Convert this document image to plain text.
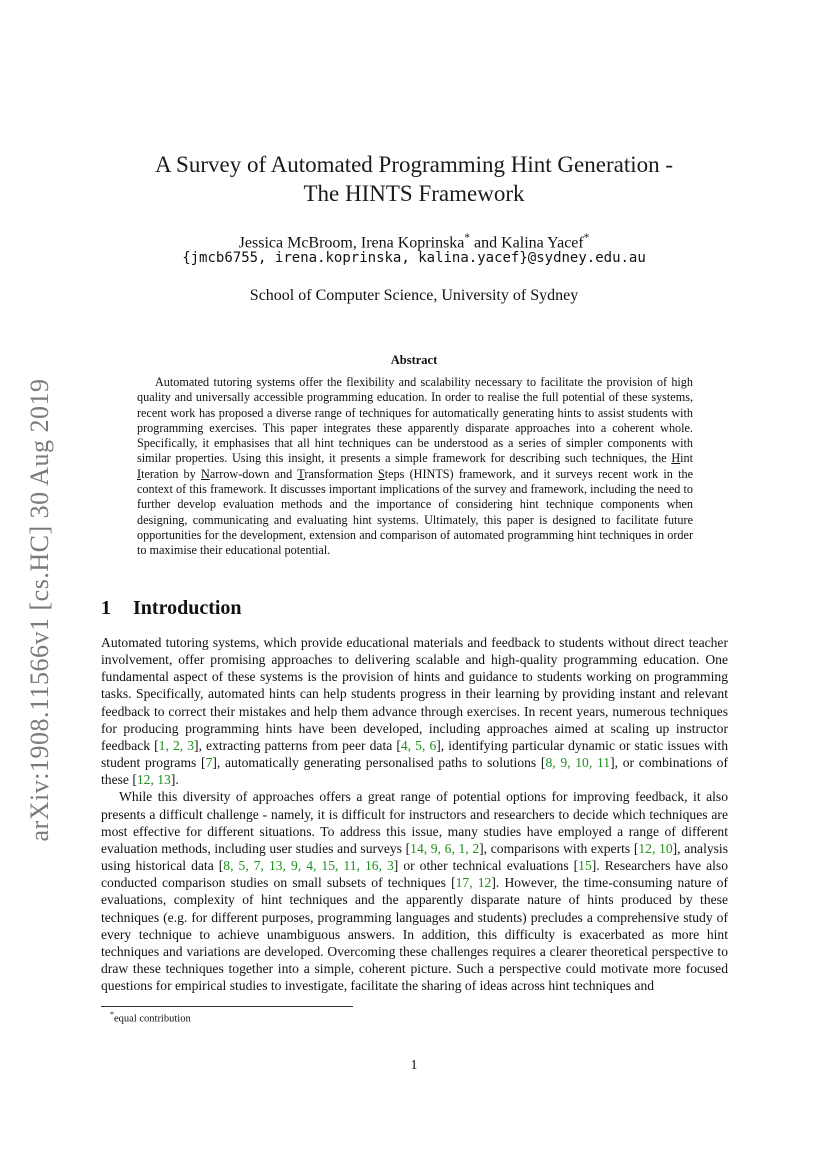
arXiv:1908.11566v1 [cs.HC] 30 Aug 2019
A Survey of Automated Programming Hint Generation -
The HINTS Framework
Jessica McBroom, Irena Koprinska* and Kalina Yacef*
{jmcb6755, irena.koprinska, kalina.yacef}@sydney.edu.au
School of Computer Science, University of Sydney
Abstract
Automated tutoring systems offer the flexibility and scalability necessary to facilitate the provision of high quality and universally accessible programming education. In order to realise the full potential of these systems, recent work has proposed a diverse range of techniques for automatically generating hints to assist students with programming exercises. This paper integrates these apparently disparate approaches into a coherent whole. Specifically, it emphasises that all hint techniques can be understood as a series of simpler components with similar properties. Using this insight, it presents a simple framework for describing such techniques, the Hint Iteration by Narrow-down and Transformation Steps (HINTS) framework, and it surveys recent work in the context of this framework. It discusses important implications of the survey and framework, including the need to further develop evaluation methods and the importance of considering hint technique components when designing, communicating and evaluating hint systems. Ultimately, this paper is designed to facilitate future opportunities for the development, extension and comparison of automated programming hint techniques in order to maximise their educational potential.
1 Introduction

Automated tutoring systems, which provide educational materials and feedback to students without direct teacher involvement, offer promising approaches to delivering scalable and high-quality programming education. One fundamental aspect of these systems is the provision of hints and guidance to students working on programming tasks. Specifically, automated hints can help students progress in their learning by providing instant and relevant feedback to correct their mistakes and help them advance through exercises. In recent years, numerous techniques for producing programming hints have been developed, including approaches aimed at scaling up instructor feedback [1, 2, 3], extracting patterns from peer data [4, 5, 6], identifying particular dynamic or static issues with student programs [7], automatically generating personalised paths to solutions [8, 9, 10, 11], or combinations of these [12, 13].

While this diversity of approaches offers a great range of potential options for improving feedback, it also presents a difficult challenge - namely, it is difficult for instructors and researchers to decide which techniques are most effective for different situations. To address this issue, many studies have employed a range of different evaluation methods, including user studies and surveys [14, 9, 6, 1, 2], comparisons with experts [12, 10], analysis using historical data [8, 5, 7, 13, 9, 4, 15, 11, 16, 3] or other technical evaluations [15]. Researchers have also conducted comparison studies on small subsets of techniques [17, 12]. However, the time-consuming nature of evaluations, complexity of hint techniques and the apparently disparate nature of hints produced by these techniques (e.g. for different purposes, programming languages and students) precludes a comprehensive study of every technique to achieve unambiguous answers. In addition, this difficulty is exacerbated as more hint techniques and variations are developed. Overcoming these challenges requires a clearer theoretical perspective to draw these techniques together into a simple, coherent picture. Such a perspective could motivate more focused questions for empirical studies to investigate, facilitate the sharing of ideas across hint techniques and

*equal contribution
1
